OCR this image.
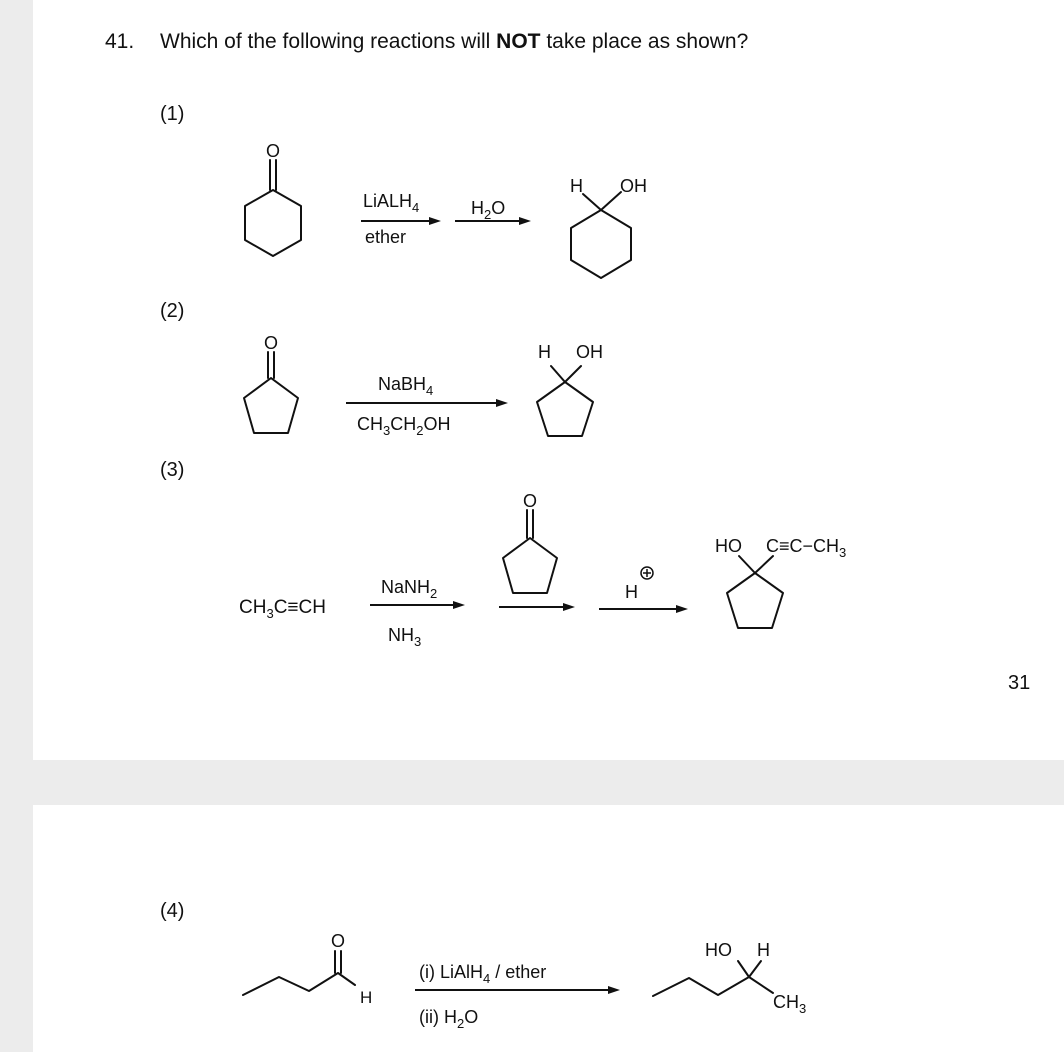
41. Which of the following reactions will NOT take place as shown?

(1)

O
LiALH$_4$
ether
$H_2O$
H OH

(2)

O
NaBH$_4$
$CH_3CH_2OH$
H OH

(3)

$CH_3C\equiv CH$
NaNH$_2$
$NH_3$
O
H
HO $C\equiv C-CH_3$

31

(4)

O
H
(i) LiAlH$_4$ / ether
(ii) $H_2O$
HO H
$CH_3$
